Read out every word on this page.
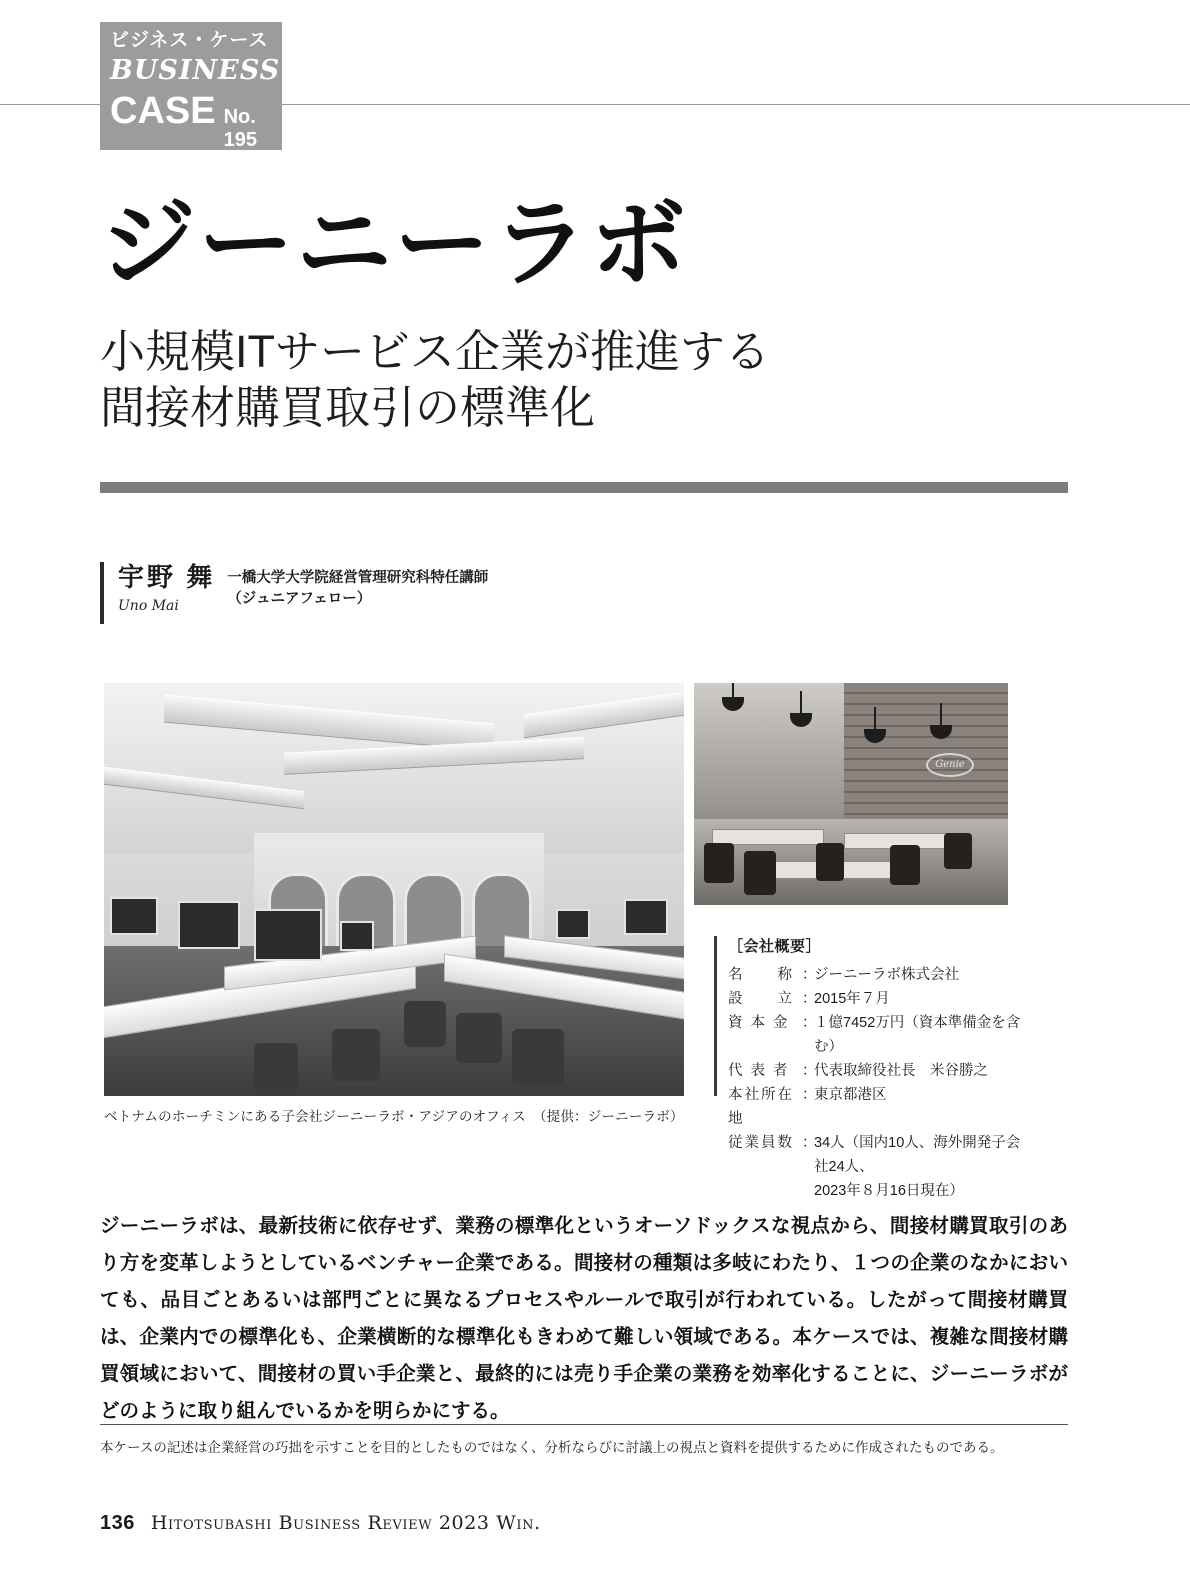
ビジネス・ケース
BUSINESS
CASE No. 195
ジーニーラボ
小規模ITサービス企業が推進する
間接材購買取引の標準化
宇野 舞
Uno Mai
一橋大学大学院経営管理研究科特任講師
（ジュニアフェロー）
Genie
ベトナムのホーチミンにある子会社ジーニーラボ・アジアのオフィス　（提供：ジーニーラボ）
［会社概要］
名　　称 ：
ジーニーラボ株式会社
設　　立 ：
2015年７月
資 本 金 ：
１億7452万円（資本準備金を含む）
代 表 者 ：
代表取締役社長　米谷勝之
本社所在地
：
東京都港区
従業員数 ：
34人（国内10人、海外開発子会社24人、
2023年８月16日現在）
ジーニーラボは、最新技術に依存せず、業務の標準化というオーソドックスな視点から、間接材購買取引のあり方を変革しようとしているベンチャー企業である。間接材の種類は多岐にわたり、１つの企業のなかにおいても、品目ごとあるいは部門ごとに異なるプロセスやルールで取引が行われている。したがって間接材購買は、企業内での標準化も、企業横断的な標準化もきわめて難しい領域である。本ケースでは、複雑な間接材購買領域において、間接材の買い手企業と、最終的には売り手企業の業務を効率化することに、ジーニーラボがどのように取り組んでいるかを明らかにする。
本ケースの記述は企業経営の巧拙を示すことを目的としたものではなく、分析ならびに討議上の視点と資料を提供するために作成されたものである。
136 Hitotsubashi Business Review 2023 Win.
